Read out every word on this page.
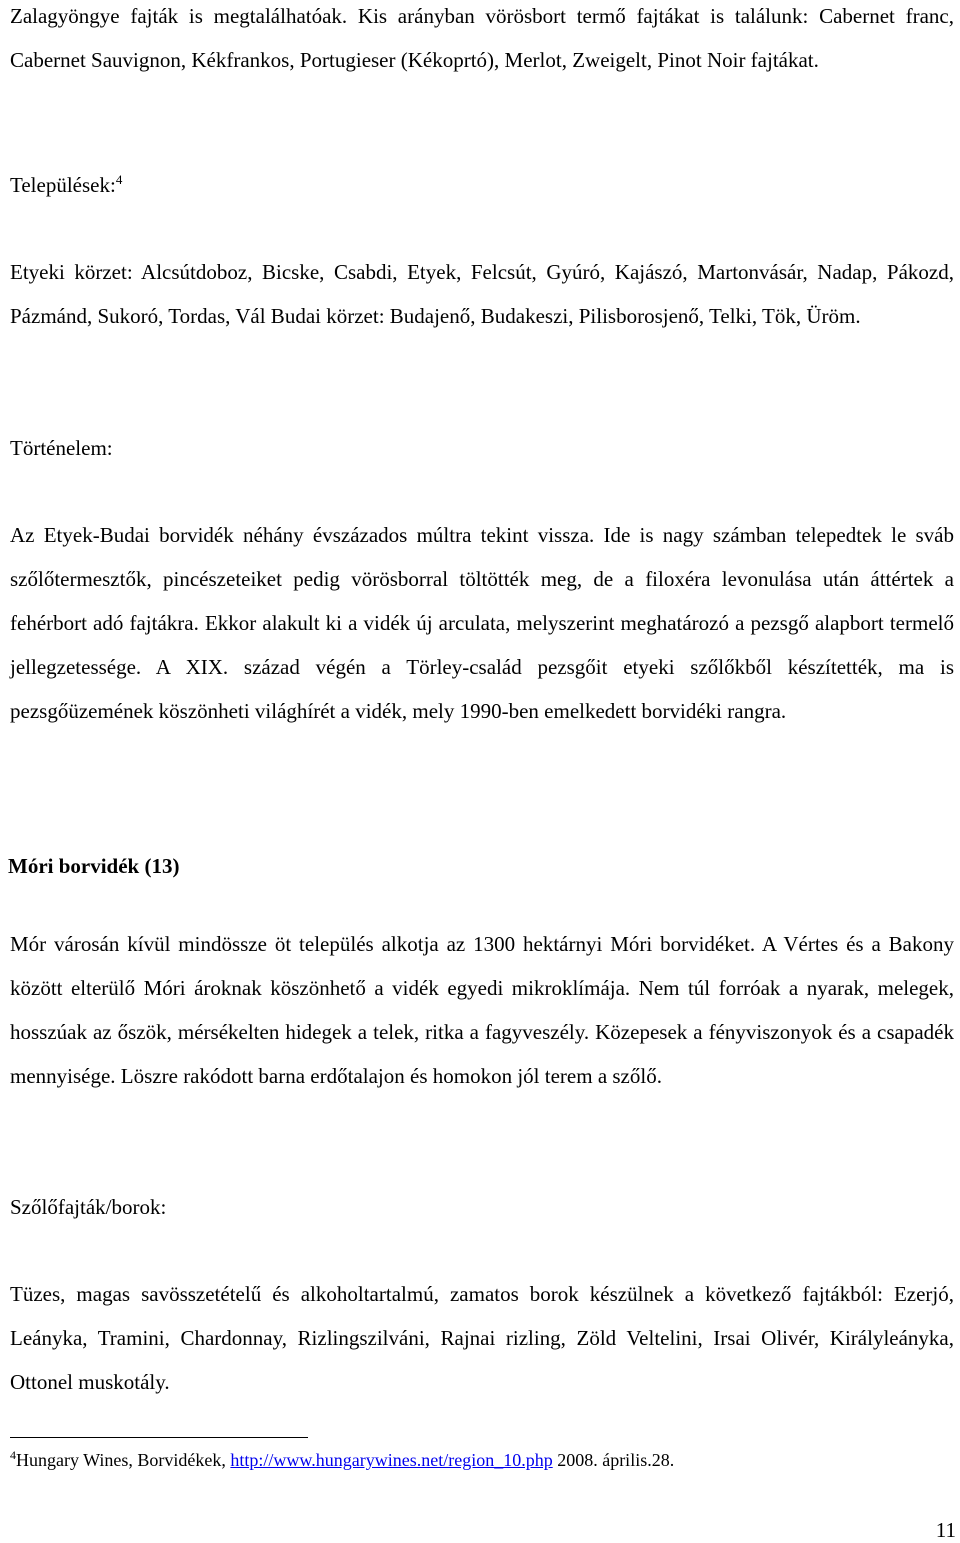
Zalagyöngye fajták is megtalálhatóak. Kis arányban vörösbort termő fajtákat is találunk: Cabernet franc, Cabernet Sauvignon, Kékfrankos, Portugieser (Kékoprtó), Merlot, Zweigelt, Pinot Noir fajtákat.

Települések:$^4$

Etyeki körzet: Alcsútdoboz, Bicske, Csabdi, Etyek, Felcsút, Gyúró, Kajászó, Martonvásár, Nadap, Pákozd, Pázmánd, Sukoró, Tordas, Vál Budai körzet: Budajenő, Budakeszi, Pilisborosjenő, Telki, Tök, Üröm.

Történelem:

Az Etyek-Budai borvidék néhány évszázados múltra tekint vissza. Ide is nagy számban telepedtek le sváb szőlőtermesztők, pincészeteiket pedig vörösborral töltötték meg, de a filoxéra levonulása után áttértek a fehérbort adó fajtákra. Ekkor alakult ki a vidék új arculata, melyszerint meghatározó a pezsgő alapbort termelő jellegzetessége. A XIX. század végén a Törley-család pezsgőit etyeki szőlőkből készítették, ma is pezsgőüzemének köszönheti világhírét a vidék, mely 1990-ben emelkedett borvidéki rangra.

Móri borvidék (13)

Mór városán kívül mindössze öt település alkotja az 1300 hektárnyi Móri borvidéket. A Vértes és a Bakony között elterülő Móri ároknak köszönhető a vidék egyedi mikroklímája. Nem túl forróak a nyarak, melegek, hosszúak az őszök, mérsékelten hidegek a telek, ritka a fagyveszély. Közepesek a fényviszonyok és a csapadék mennyisége. Löszre rakódott barna erdőtalajon és homokon jól terem a szőlő.

Szőlőfajták/borok:

Tüzes, magas savösszetételű és alkoholtartalmú, zamatos borok készülnek a következő fajtákból: Ezerjó, Leányka, Tramini, Chardonnay, Rizlingszilváni, Rajnai rizling, Zöld Veltelini, Irsai Olivér, Királyleányka, Ottonel muskotály.

$^4$Hungary Wines, Borvidékek, http://www.hungarywines.net/region_10.php 2008. április.28.

11
